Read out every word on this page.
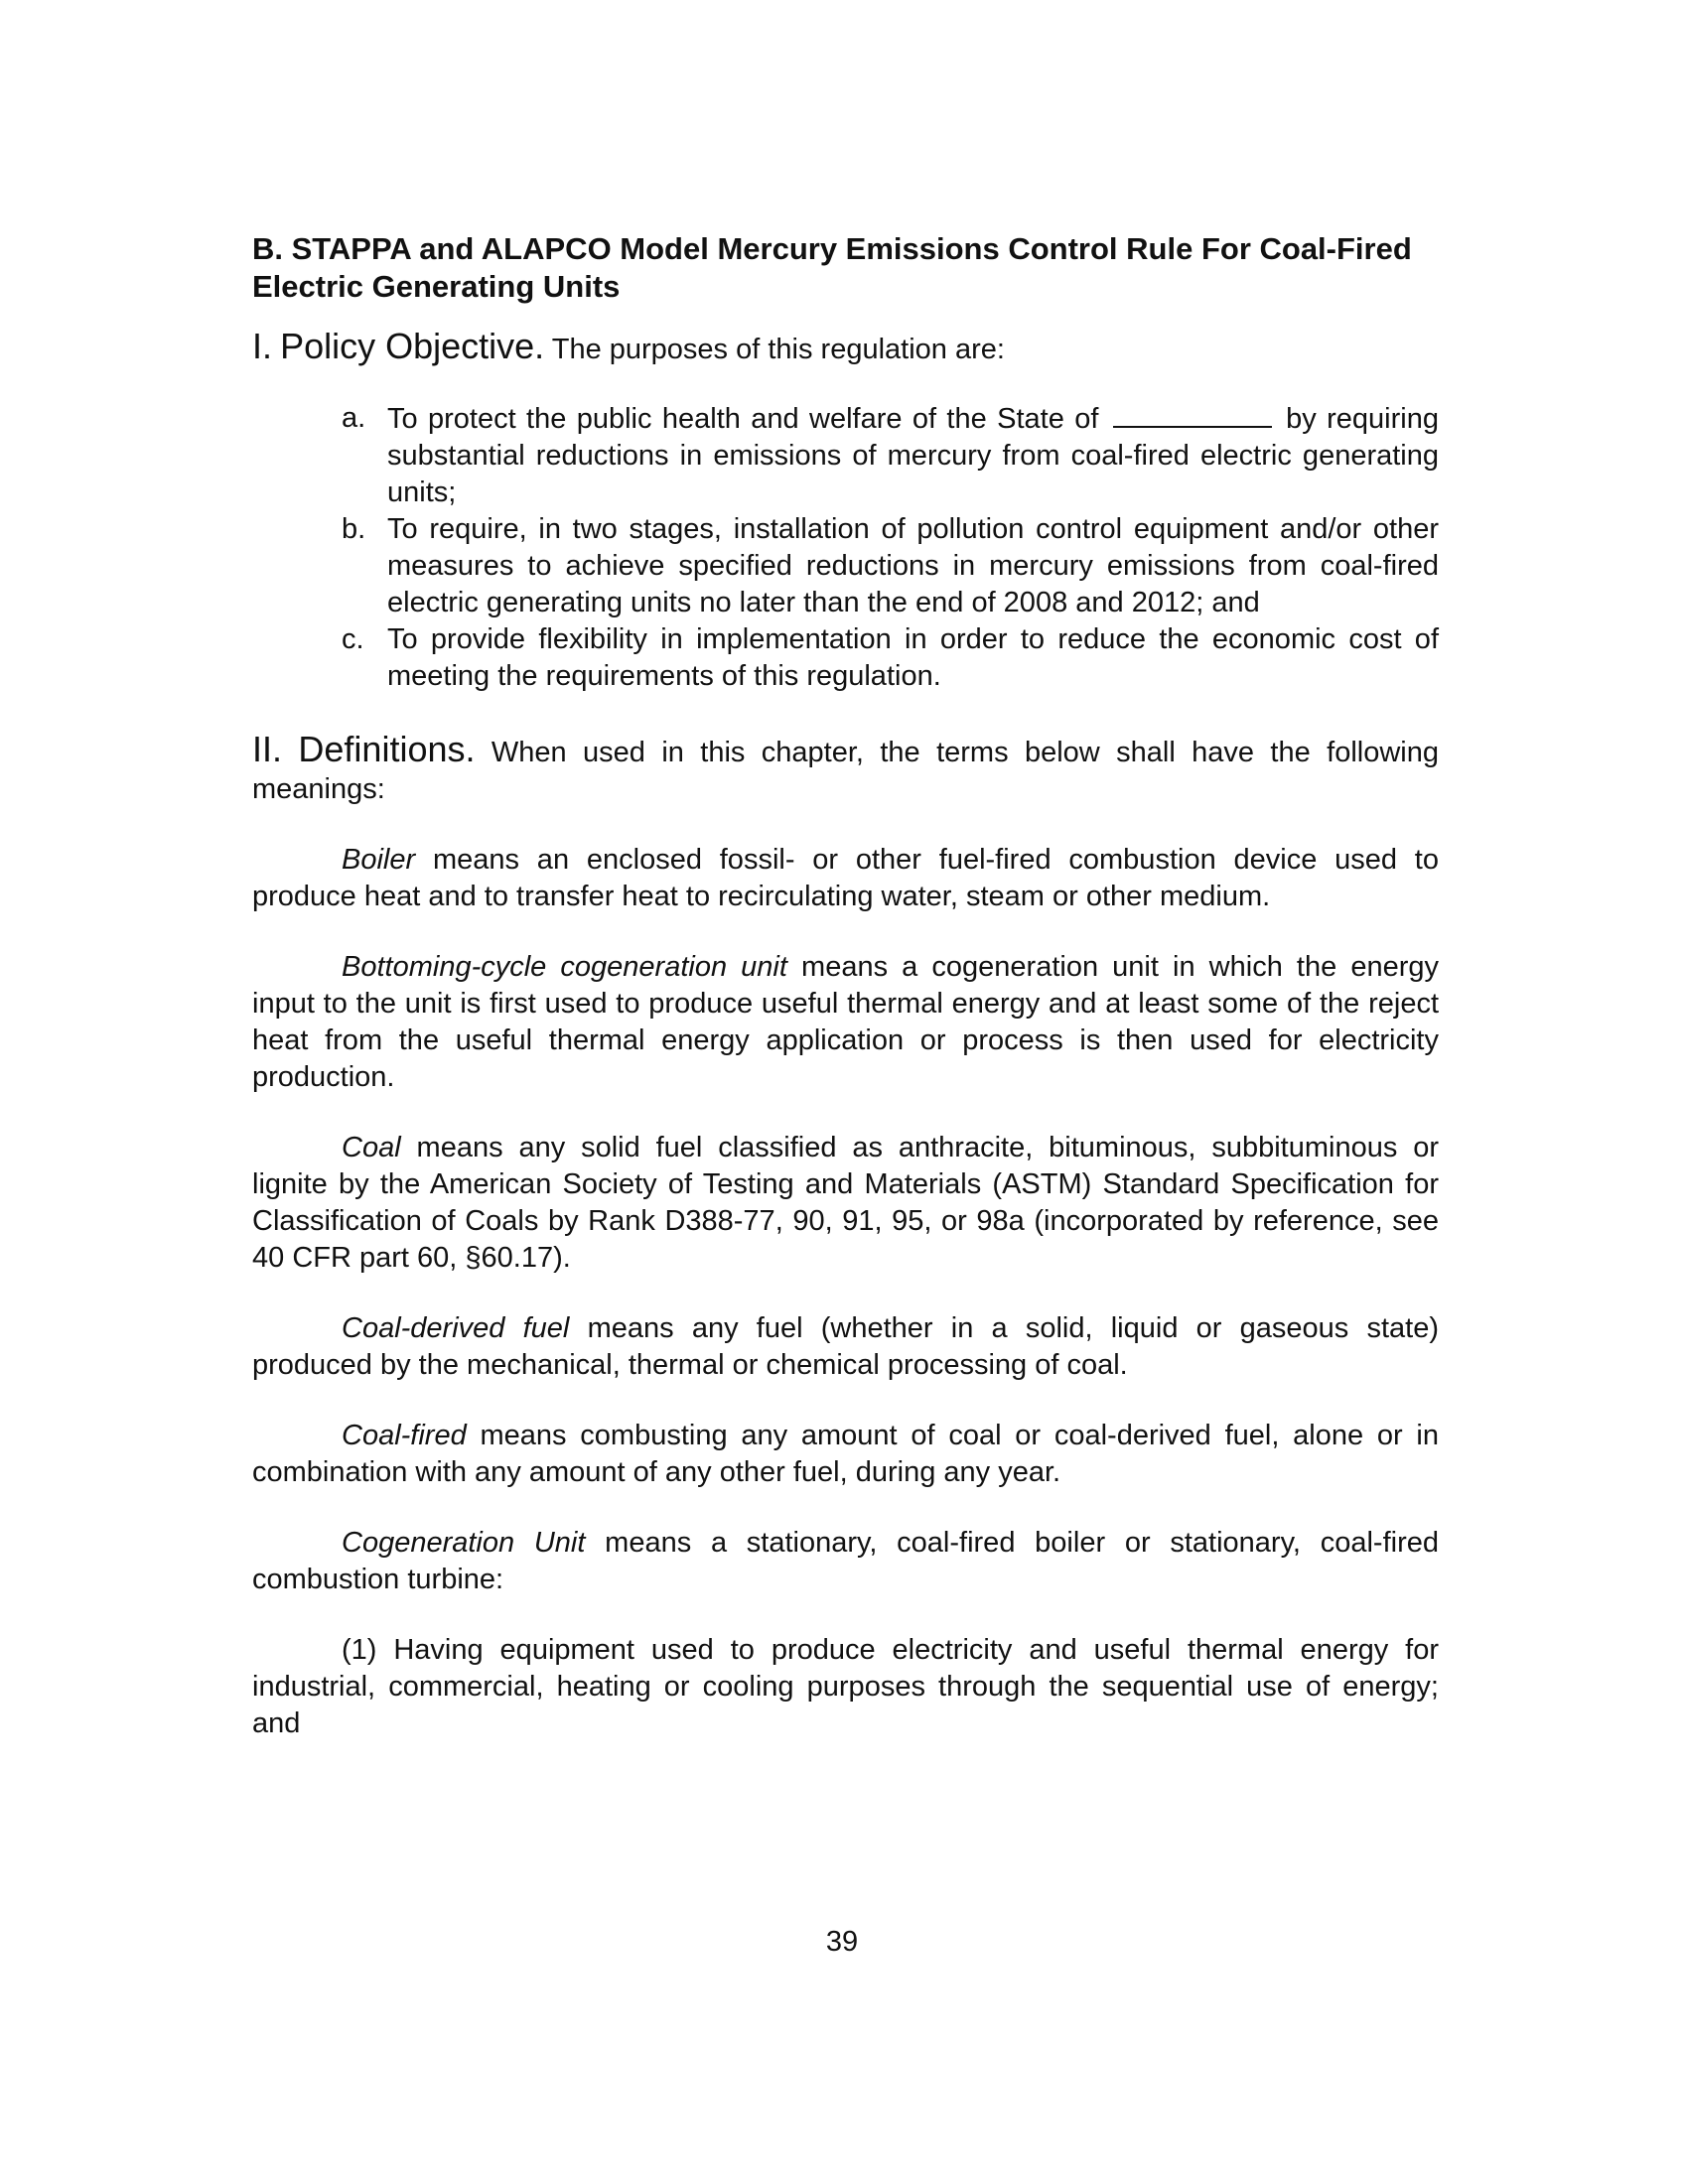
B. STAPPA and ALAPCO Model Mercury Emissions Control Rule For Coal-Fired Electric Generating Units

I. Policy Objective. The purposes of this regulation are:

a. To protect the public health and welfare of the State of	by requiring substantial reductions in emissions of mercury from coal-fired electric generating units;
b. To require, in two stages, installation of pollution control equipment and/or other measures to achieve specified reductions in mercury emissions from coal-fired electric generating units no later than the end of 2008 and 2012; and
c. To provide flexibility in implementation in order to reduce the economic cost of meeting the requirements of this regulation.

II. Definitions. When used in this chapter, the terms below shall have the following meanings:

Boiler means an enclosed fossil- or other fuel-fired combustion device used to produce heat and to transfer heat to recirculating water, steam or other medium.

Bottoming-cycle cogeneration unit means a cogeneration unit in which the energy input to the unit is first used to produce useful thermal energy and at least some of the reject heat from the useful thermal energy application or process is then used for electricity production.

Coal means any solid fuel classified as anthracite, bituminous, subbituminous or lignite by the American Society of Testing and Materials (ASTM) Standard Specification for Classification of Coals by Rank D388-77, 90, 91, 95, or 98a (incorporated by reference, see 40 CFR part 60, §60.17).

Coal-derived fuel means any fuel (whether in a solid, liquid or gaseous state) produced by the mechanical, thermal or chemical processing of coal.

Coal-fired means combusting any amount of coal or coal-derived fuel, alone or in combination with any amount of any other fuel, during any year.

Cogeneration Unit means a stationary, coal-fired boiler or stationary, coal-fired combustion turbine:

(1) Having equipment used to produce electricity and useful thermal energy for industrial, commercial, heating or cooling purposes through the sequential use of energy; and

39
